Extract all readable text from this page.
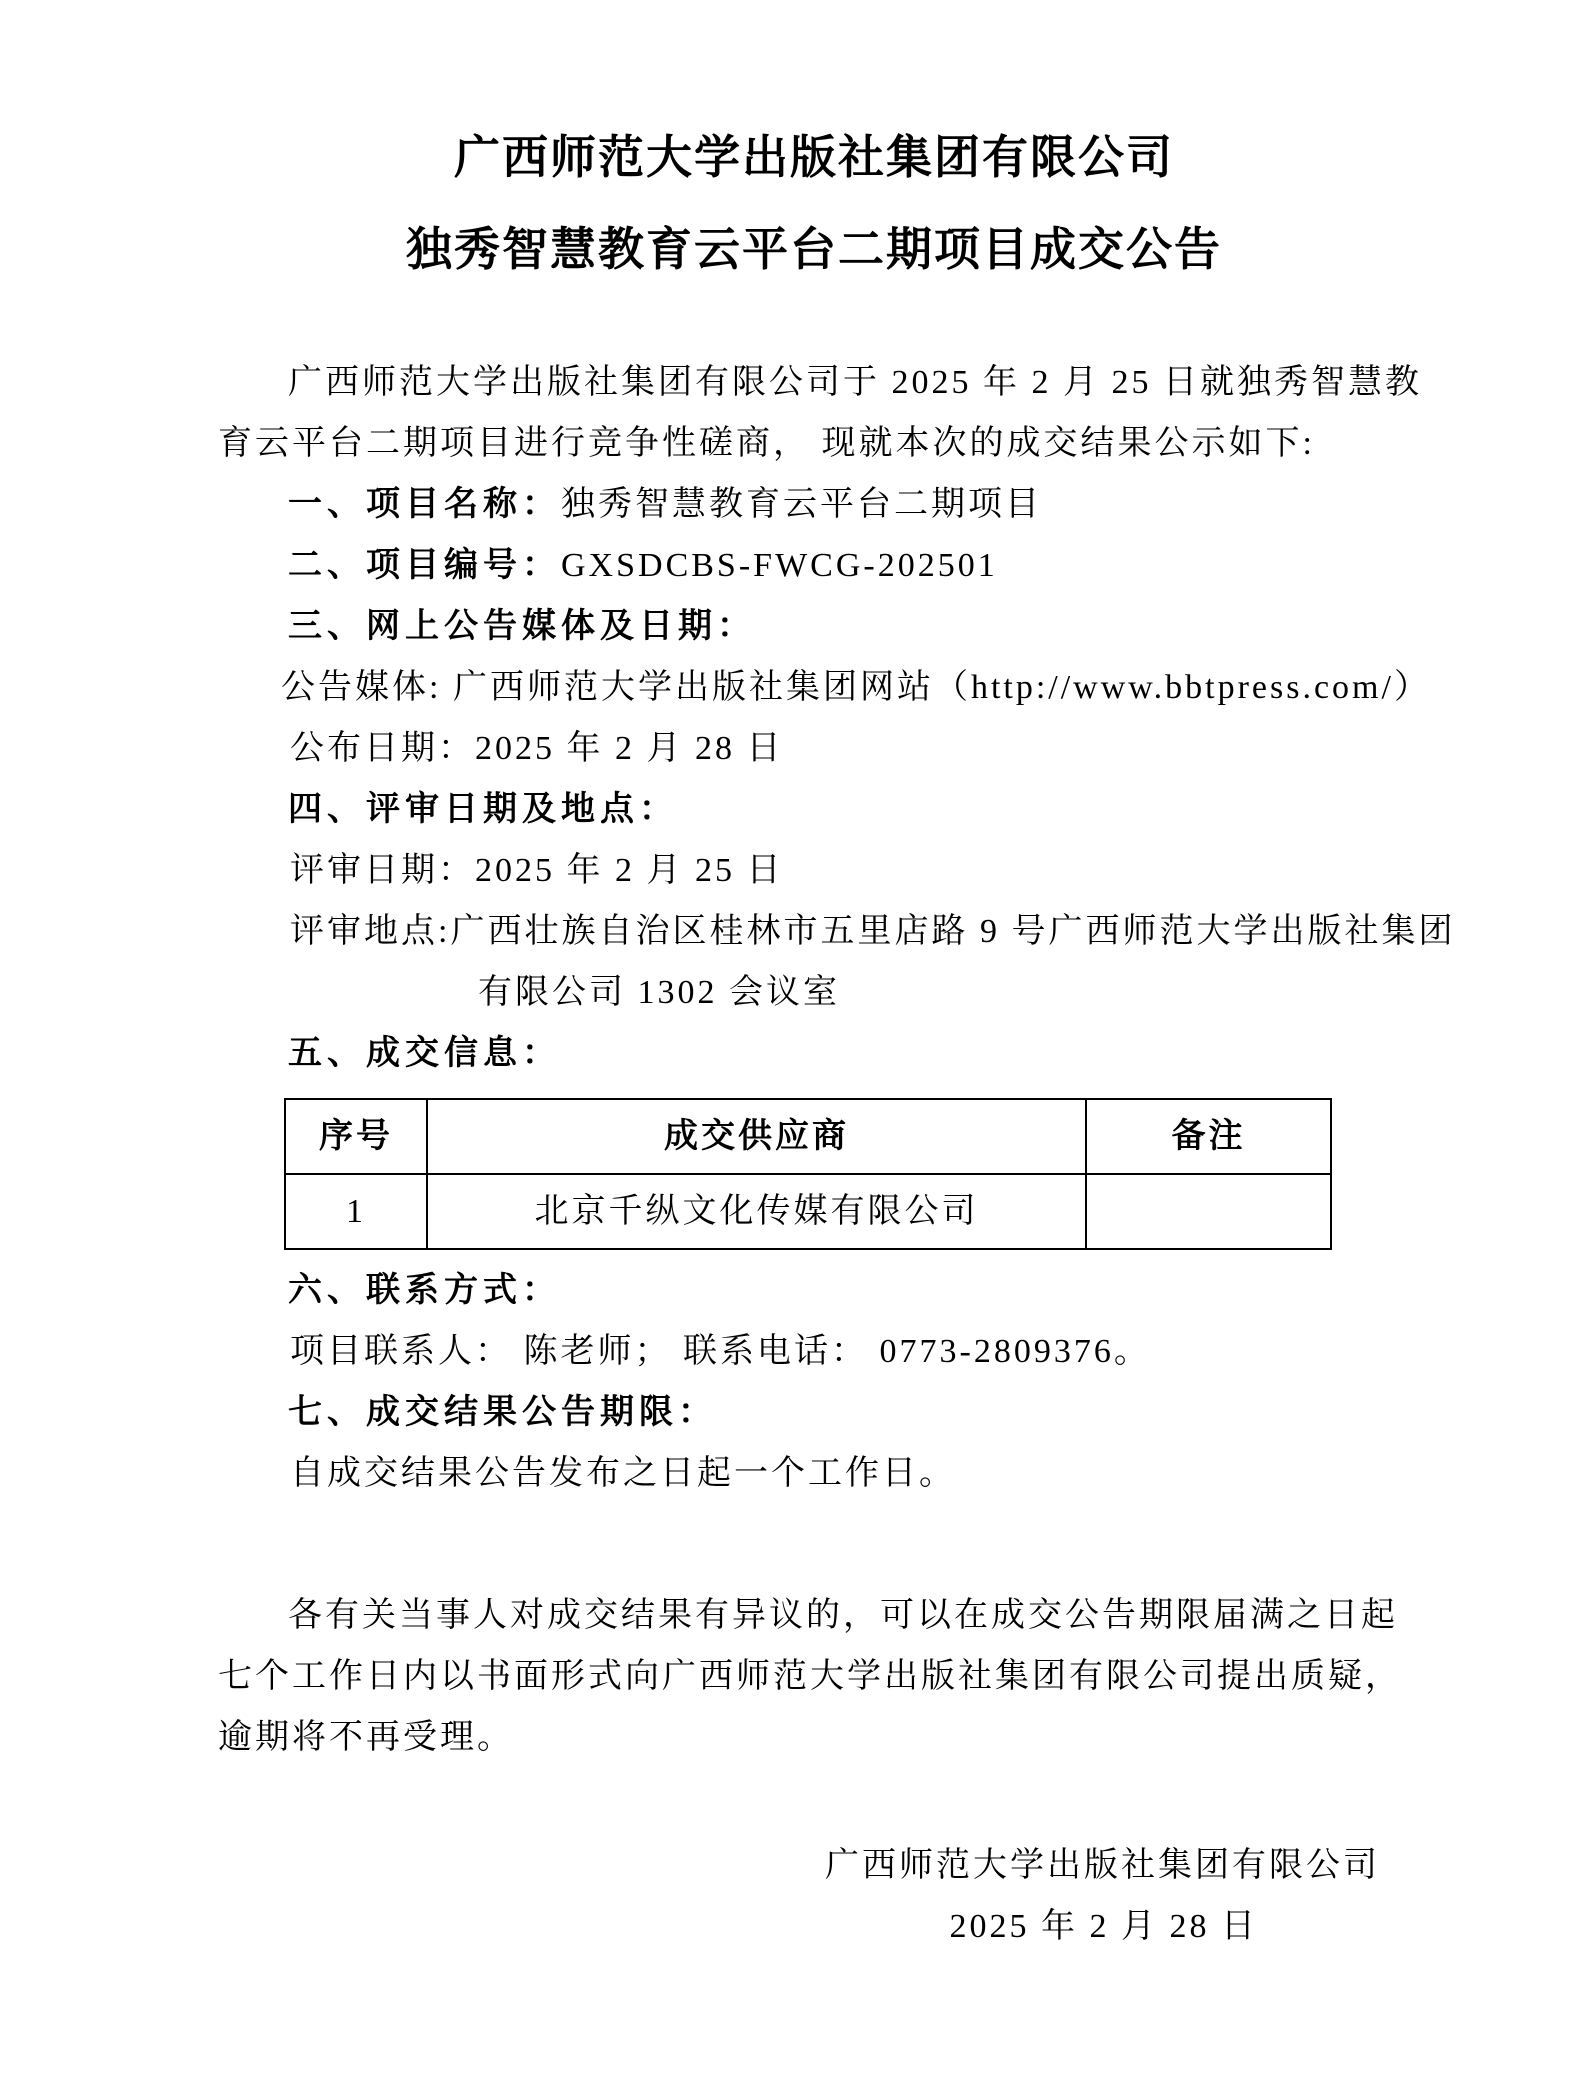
广西师范大学出版社集团有限公司
独秀智慧教育云平台二期项目成交公告

广西师范大学出版社集团有限公司于 2025 年 2 月 25 日就独秀智慧教

育云平台二期项目进行竞争性磋商， 现就本次的成交结果公示如下:

一、项目名称：独秀智慧教育云平台二期项目

二、项目编号：GXSDCBS-FWCG-202501

三、网上公告媒体及日期：

公告媒体: 广西师范大学出版社集团网站（http://www.bbtpress.com/）

公布日期：2025 年 2 月 28 日

四、评审日期及地点：

评审日期：2025 年 2 月 25 日

评审地点:广西壮族自治区桂林市五里店路 9 号广西师范大学出版社集团

有限公司 1302 会议室

五、成交信息：

序号	成交供应商	备注
1	北京千纵文化传媒有限公司	

六、联系方式：

项目联系人： 陈老师； 联系电话： 0773-2809376。

七、成交结果公告期限：

自成交结果公告发布之日起一个工作日。

各有关当事人对成交结果有异议的，可以在成交公告期限届满之日起

七个工作日内以书面形式向广西师范大学出版社集团有限公司提出质疑，

逾期将不再受理。

广西师范大学出版社集团有限公司

2025 年 2 月 28 日
